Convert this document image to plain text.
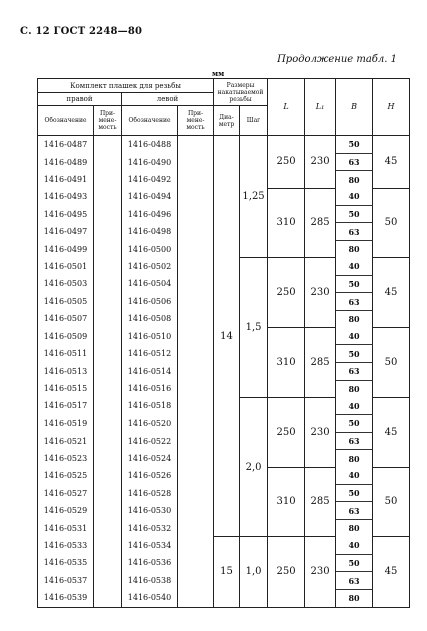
С. 12 ГОСТ 2248—80
Продолжение табл. 1
мм
Комплект плашек для резьбы				Размеры накатываемой резьбы		L	L₁	B	H
правой		левой							
Обозначение	При-
мене-
мость	Обозначение	При-
мене-
мость	Диа-
метр	Шаг				
1416-0487		1416-0488		14	1,25	250	230	50	45
1416-0489		1416-0490						63	
1416-0491		1416-0492						80	
1416-0493		1416-0494				310	285	40	50
1416-0495		1416-0496						50	
1416-0497		1416-0498						63	
1416-0499		1416-0500						80	
1416-0501		1416-0502			1,5	250	230	40	45
1416-0503		1416-0504						50	
1416-0505		1416-0506						63	
1416-0507		1416-0508						80	
1416-0509		1416-0510				310	285	40	50
1416-0511		1416-0512						50	
1416-0513		1416-0514						63	
1416-0515		1416-0516						80	
1416-0517		1416-0518			2,0	250	230	40	45
1416-0519		1416-0520						50	
1416-0521		1416-0522						63	
1416-0523		1416-0524						80	
1416-0525		1416-0526				310	285	40	50
1416-0527		1416-0528						50	
1416-0529		1416-0530						63	
1416-0531		1416-0532						80	
1416-0533		1416-0534		15	1,0	250	230	40	45
1416-0535		1416-0536						50	
1416-0537		1416-0538						63	
1416-0539		1416-0540						80	
